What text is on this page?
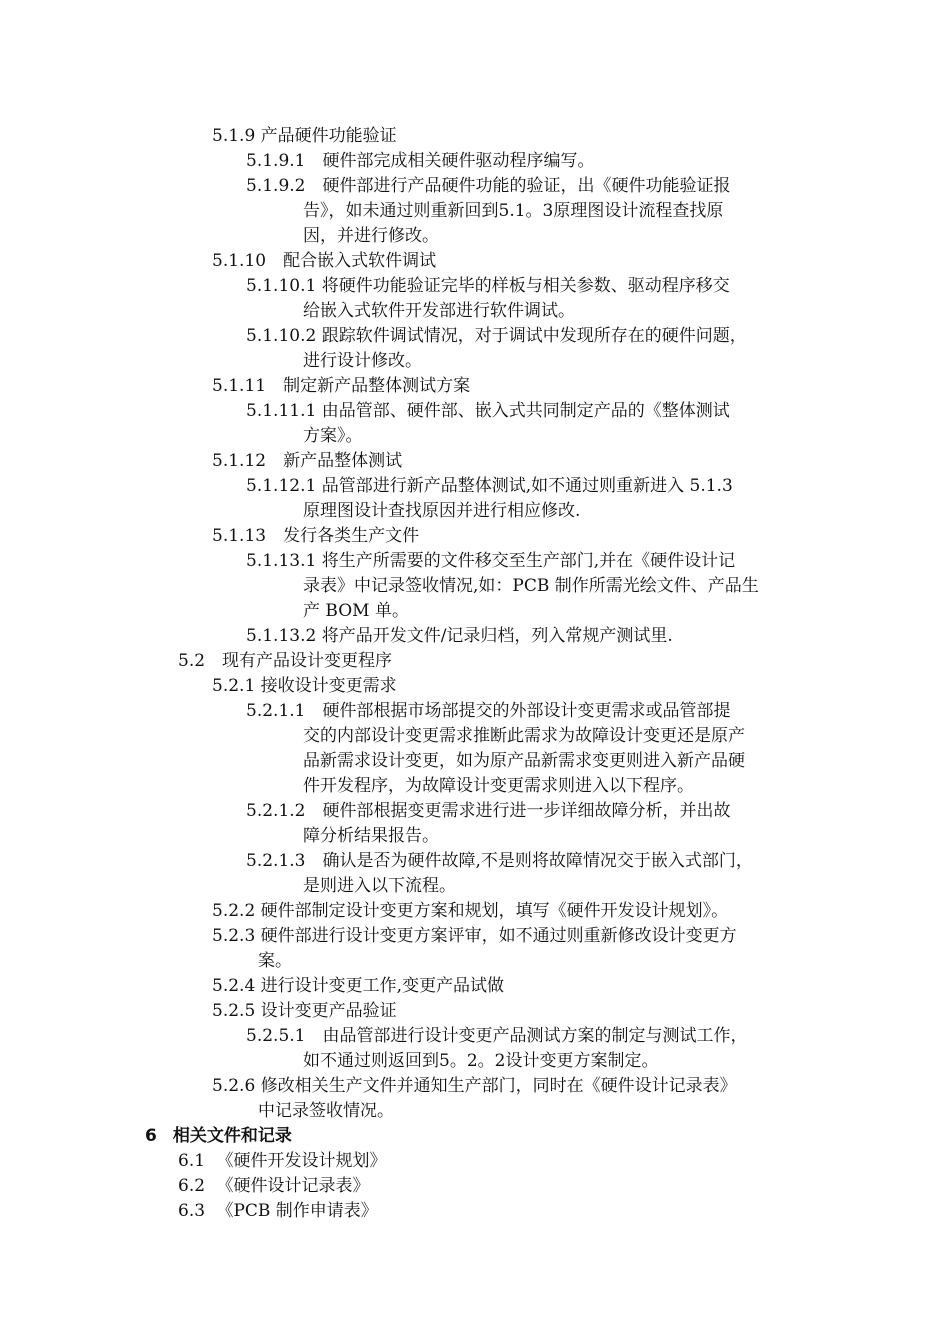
5.1.9 产品硬件功能验证
5.1.9.1　硬件部完成相关硬件驱动程序编写。
5.1.9.2　硬件部进行产品硬件功能的验证，出《硬件功能验证报
告》，如未通过则重新回到5.1。3原理图设计流程查找原
因，并进行修改。
5.1.10　配合嵌入式软件调试
5.1.10.1 将硬件功能验证完毕的样板与相关参数、驱动程序移交
给嵌入式软件开发部进行软件调试。
5.1.10.2 跟踪软件调试情况，对于调试中发现所存在的硬件问题，
进行设计修改。
5.1.11　制定新产品整体测试方案
5.1.11.1 由品管部、硬件部、嵌入式共同制定产品的《整体测试
方案》。
5.1.12　新产品整体测试
5.1.12.1 品管部进行新产品整体测试,如不通过则重新进入 5.1.3
原理图设计查找原因并进行相应修改.
5.1.13　发行各类生产文件
5.1.13.1 将生产所需要的文件移交至生产部门,并在《硬件设计记
录表》中记录签收情况,如：PCB 制作所需光绘文件、产品生
产 BOM 单。
5.1.13.2 将产品开发文件/记录归档，列入常规产测试里.
5.2　现有产品设计变更程序
5.2.1 接收设计变更需求
5.2.1.1　硬件部根据市场部提交的外部设计变更需求或品管部提
交的内部设计变更需求推断此需求为故障设计变更还是原产
品新需求设计变更，如为原产品新需求变更则进入新产品硬
件开发程序，为故障设计变更需求则进入以下程序。
5.2.1.2　硬件部根据变更需求进行进一步详细故障分析，并出故
障分析结果报告。
5.2.1.3　确认是否为硬件故障,不是则将故障情况交于嵌入式部门，
是则进入以下流程。
5.2.2 硬件部制定设计变更方案和规划，填写《硬件开发设计规划》。
5.2.3 硬件部进行设计变更方案评审，如不通过则重新修改设计变更方
案。
5.2.4 进行设计变更工作,变更产品试做
5.2.5 设计变更产品验证
5.2.5.1　由品管部进行设计变更产品测试方案的制定与测试工作，
如不通过则返回到5。2。2设计变更方案制定。
5.2.6 修改相关生产文件并通知生产部门，同时在《硬件设计记录表》
中记录签收情况。
6 相关文件和记录
6.1 《硬件开发设计规划》
6.2 《硬件设计记录表》
6.3 《PCB 制作申请表》
